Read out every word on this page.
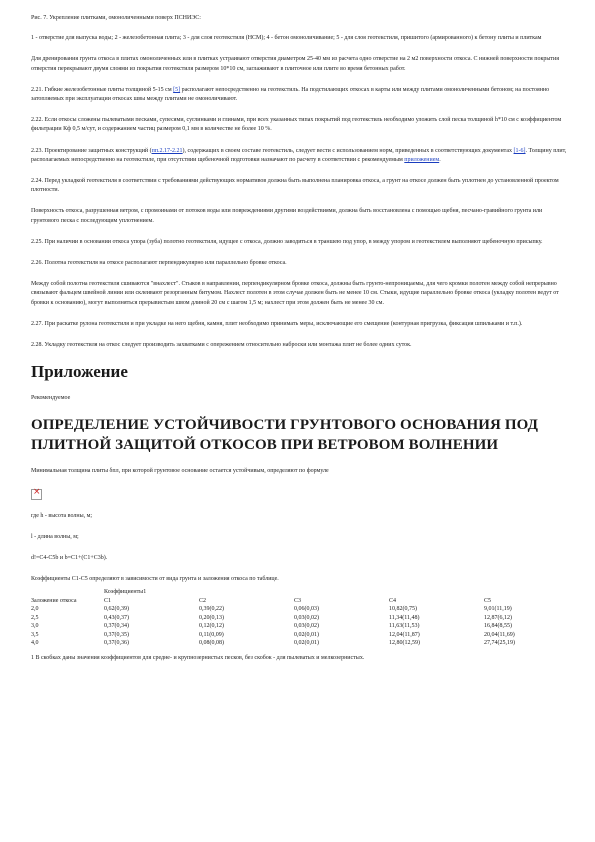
Рис. 7. Укрепление плитками, омоноличенными поверх ПСНИЭС:

1 - отверстие для выпуска воды; 2 - железобетонная плита; 3 - для слоя геотекстиля (НСМ); 4 - бетон омоноличивание; 5 - для слоя геотекстиля, пришитого (армированного) к бетону плиты и плиткам

Для дренирования грунта откоса в плитах омоноличенных или в плитках устраивают отверстия диаметром 25-40 мм из расчета одно отверстие на 2 м2 поверхности откоса. С нижней поверхности покрытия отверстия перекрывают двумя слоями из покрытия геотекстиля размером 10*10 см, заглаживают в плиточное или плите во время бетонных работ.

2.21. Гибкие железобетонные плиты толщиной 5-15 см [5] располагают непосредственно на геотекстиль. На подстилающих откосах в карты или между плитами омоноличенными бетоном; на постоянно затопляемых при эксплуатации откосах швы между плитами не омоноличивают.

2.22. Если откосы сложены пылеватыми песками, супесями, суглинками и глинами, при всех указанных типах покрытий под геотекстиль необходимо уложить слой песка толщиной h*10 см с коэффициентом фильтрации Кф 0,5 м/сут, и содержанием частиц размером 0,1 мм в количестве не более 10 %.

2.23. Проектирование защитных конструкций (пп.2.17-2.21), содержащих в своем составе геотекстиль, следует вести с использованием норм, приведенных в соответствующих документах [1-6]. Толщину плит, располагаемых непосредственно на геотекстиле, при отсутствии щебеночной подготовки назначают по расчету в соответствии с рекомендуемым приложением.

2.24. Перед укладкой геотекстиля в соответствии с требованиями действующих нормативов должна быть выполнена планировка откоса, а грунт на откосе должен быть уплотнен до установленной проектом плотности.

Поверхность откоса, разрушенная ветром, с промоинами от потоков воды или повреждениями другими воздействиями, должна быть восстановлена с помощью щебня, песчано-гравийного грунта или грунтового песка с последующим уплотнением.

2.25. При наличии в основании откоса упора (зуба) полотно геотекстиля, идущее с откоса, должно заводиться в траншею под упор, в между упором и геотекстилем выполняют щебеночную присыпку.

2.26. Полотна геотекстиля на откосе располагают перпендикулярно или параллельно бровке откоса.

Между собой полотна геотекстиля сшиваются "внахлест". Стыков в направлении, перпендикулярном бровке откоса, должны быть грунто-непроницаемы, для чего кромки полотен между собой непрерывно связывают фальцем швейной линии или склеивают резорганным битумом. Нахлест полотен в этом случае должен быть не менее 10 см. Стыки, идущие параллельно бровке откоса (укладку полотен ведут от бровки к основанию), могут выполняться прерывистым швом длиной 20 см с шагом 1,5 м; нахлест при этом должен быть не менее 30 см.

2.27. При раскатке рулона геотекстиля и при укладке на него щебня, камня, плит необходимо принимать меры, исключающие его смещение (контурная пригрузка, фиксация шпильками и т.п.).

2.28. Укладку геотекстиля на откос следует производить захватками с опережением относительно наброски или монтажа плит не более одних суток.

Приложение

Рекомендуемое

ОПРЕДЕЛЕНИЕ УСТОЙЧИВОСТИ ГРУНТОВОГО ОСНОВАНИЯ ПОД ПЛИТНОЙ ЗАЩИТОЙ ОТКОСОВ ПРИ ВЕТРОВОМ ВОЛНЕНИИ

Минимальная толщина плиты δпл, при которой грунтовое основание остается устойчивым, определяют по формуле

×

где h - высота волны, м;

l - длина волны, м;

d!=C4-C5b и b=C1+(C1+C3b).

Коэффициенты C1-C5 определяют в зависимости от вида грунта и заложения откоса по таблице.

Заложение откоса	Коэффициенты1				
	C1	C2	C3	C4	C5
2,0	0,62(0,39)	0,39(0,22)	0,06(0,03)	10,82(0,75)	9,01(11,19)
2,5	0,43(0,37)	0,20(0,13)	0,03(0,02)	11,34(11,48)	12,87(6,12)
3,0	0,37(0,34)	0,12(0,12)	0,03(0,02)	11,63(11,53)	16,84(8,55)
3,5	0,37(0,35)	0,11(0,09)	0,02(0,01)	12,04(11,87)	20,04(11,69)
4,0	0,37(0,36)	0,08(0,08)	0,02(0,01)	12,80(12,59)	27,74(25,19)

1 В скобках даны значения коэффициентов для средне- и крупнозернистых песков, без скобок - для пылеватых и мелкозернистых.
